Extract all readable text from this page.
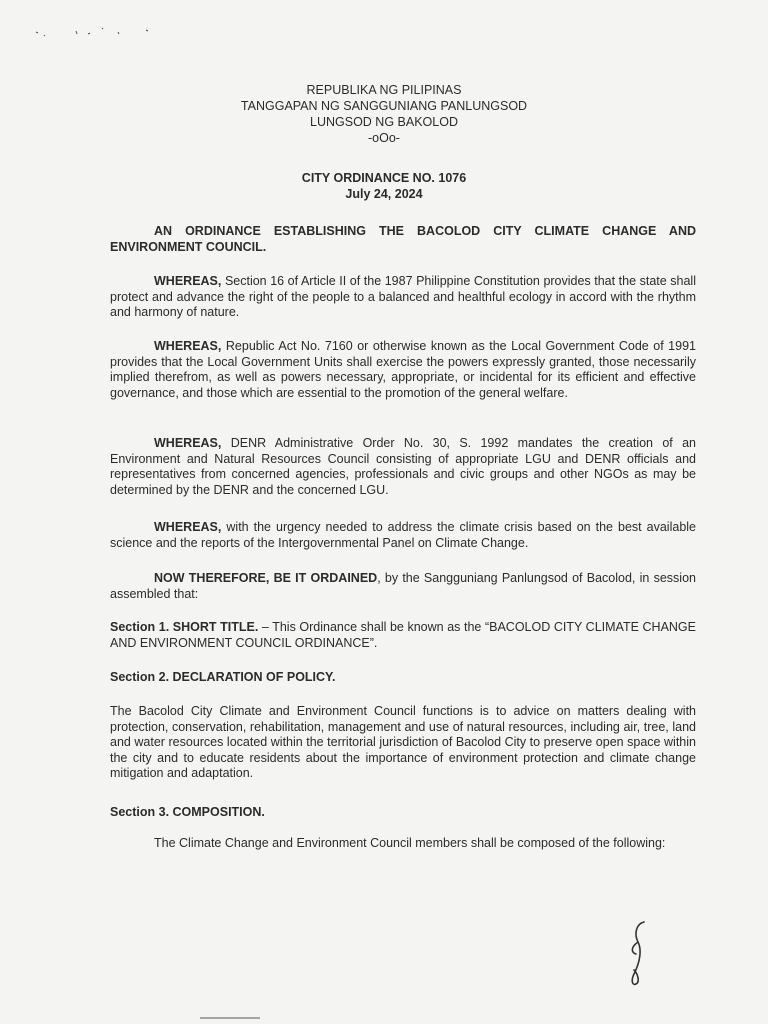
REPUBLIKA NG PILIPINAS
TANGGAPAN NG SANGGUNIANG PANLUNGSOD
LUNGSOD NG BAKOLOD
-oOo-
CITY ORDINANCE NO. 1076
July 24, 2024
AN ORDINANCE ESTABLISHING THE BACOLOD CITY CLIMATE CHANGE AND
ENVIRONMENT COUNCIL.
WHEREAS, Section 16 of Article II of the 1987 Philippine Constitution provides that the state shall protect and advance the right of the people to a balanced and healthful ecology in accord with the rhythm and harmony of nature.
WHEREAS, Republic Act No. 7160 or otherwise known as the Local Government Code of 1991 provides that the Local Government Units shall exercise the powers expressly granted, those necessarily implied therefrom, as well as powers necessary, appropriate, or incidental for its efficient and effective governance, and those which are essential to the promotion of the general welfare.
WHEREAS, DENR Administrative Order No. 30, S. 1992 mandates the creation of an Environment and Natural Resources Council consisting of appropriate LGU and DENR officials and representatives from concerned agencies, professionals and civic groups and other NGOs as may be determined by the DENR and the concerned LGU.
WHEREAS, with the urgency needed to address the climate crisis based on the best available science and the reports of the Intergovernmental Panel on Climate Change.
NOW THEREFORE, BE IT ORDAINED, by the Sangguniang Panlungsod of Bacolod, in session assembled that:
Section 1. SHORT TITLE. – This Ordinance shall be known as the “BACOLOD CITY CLIMATE CHANGE AND ENVIRONMENT COUNCIL ORDINANCE”.
Section 2. DECLARATION OF POLICY.
The Bacolod City Climate and Environment Council functions is to advice on matters dealing with protection, conservation, rehabilitation, management and use of natural resources, including air, tree, land and water resources located within the territorial jurisdiction of Bacolod City to preserve open space within the city and to educate residents about the importance of environment protection and climate change mitigation and adaptation.
Section 3. COMPOSITION.
The Climate Change and Environment Council members shall be composed of the following:
